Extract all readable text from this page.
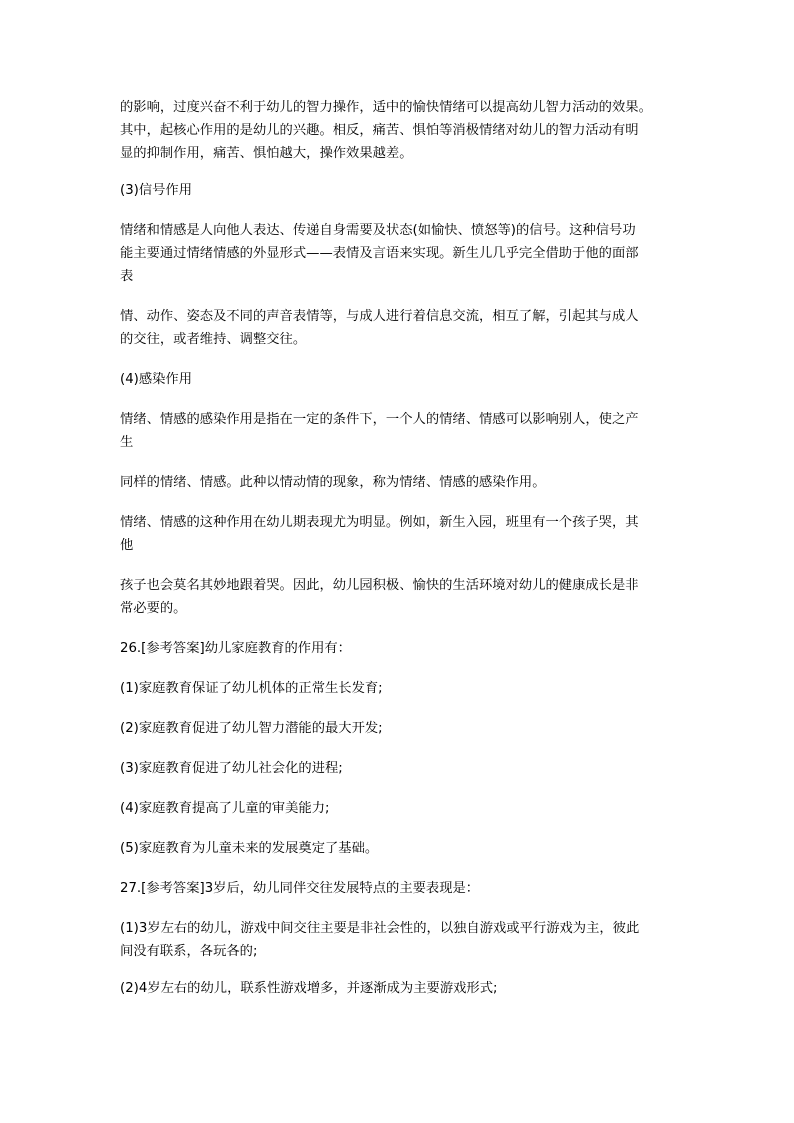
的影响，过度兴奋不利于幼儿的智力操作，适中的愉快情绪可以提高幼儿智力活动的效果。

其中，起核心作用的是幼儿的兴趣。相反，痛苦、惧怕等消极情绪对幼儿的智力活动有明

显的抑制作用，痛苦、惧怕越大，操作效果越差。

(3)信号作用

情绪和情感是人向他人表达、传递自身需要及状态(如愉快、愤怒等)的信号。这种信号功

能主要通过情绪情感的外显形式——表情及言语来实现。新生儿几乎完全借助于他的面部

表

情、动作、姿态及不同的声音表情等，与成人进行着信息交流，相互了解，引起其与成人

的交往，或者维持、调整交往。

(4)感染作用

情绪、情感的感染作用是指在一定的条件下，一个人的情绪、情感可以影响别人，使之产

生

同样的情绪、情感。此种以情动情的现象，称为情绪、情感的感染作用。

情绪、情感的这种作用在幼儿期表现尤为明显。例如，新生入园，班里有一个孩子哭，其

他

孩子也会莫名其妙地跟着哭。因此，幼儿园积极、愉快的生活环境对幼儿的健康成长是非

常必要的。

26.[参考答案]幼儿家庭教育的作用有：

(1)家庭教育保证了幼儿机体的正常生长发育;

(2)家庭教育促进了幼儿智力潜能的最大开发;

(3)家庭教育促进了幼儿社会化的进程;

(4)家庭教育提高了儿童的审美能力;

(5)家庭教育为儿童未来的发展奠定了基础。

27.[参考答案]3岁后，幼儿同伴交往发展特点的主要表现是：

(1)3岁左右的幼儿，游戏中间交往主要是非社会性的，以独自游戏或平行游戏为主，彼此

间没有联系，各玩各的;

(2)4岁左右的幼儿，联系性游戏增多，并逐渐成为主要游戏形式;
